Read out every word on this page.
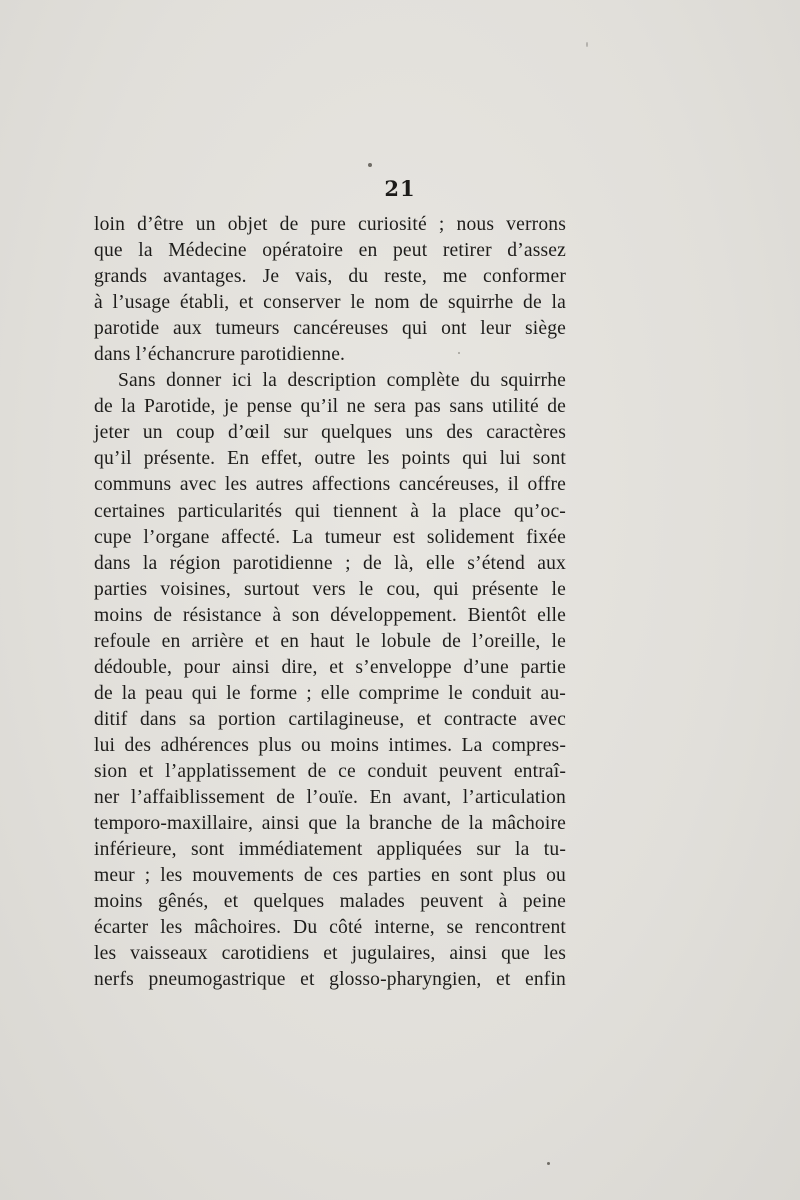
21
loin d’être un objet de pure curiosité ; nous verrons
que la Médecine opératoire en peut retirer d’assez
grands avantages. Je vais, du reste, me conformer
à l’usage établi, et conserver le nom de squirrhe de la
parotide aux tumeurs cancéreuses qui ont leur siège
dans l’échancrure parotidienne.
Sans donner ici la description complète du squirrhe
de la Parotide, je pense qu’il ne sera pas sans utilité de
jeter un coup d’œil sur quelques uns des caractères
qu’il présente. En effet, outre les points qui lui sont
communs avec les autres affections cancéreuses, il offre
certaines particularités qui tiennent à la place qu’oc-
cupe l’organe affecté. La tumeur est solidement fixée
dans la région parotidienne ; de là, elle s’étend aux
parties voisines, surtout vers le cou, qui présente le
moins de résistance à son développement. Bientôt elle
refoule en arrière et en haut le lobule de l’oreille, le
dédouble, pour ainsi dire, et s’enveloppe d’une partie
de la peau qui le forme ; elle comprime le conduit au-
ditif dans sa portion cartilagineuse, et contracte avec
lui des adhérences plus ou moins intimes. La compres-
sion et l’applatissement de ce conduit peuvent entraî-
ner l’affaiblissement de l’ouïe. En avant, l’articulation
temporo-maxillaire, ainsi que la branche de la mâchoire
inférieure, sont immédiatement appliquées sur la tu-
meur ; les mouvements de ces parties en sont plus ou
moins gênés, et quelques malades peuvent à peine
écarter les mâchoires. Du côté interne, se rencontrent
les vaisseaux carotidiens et jugulaires, ainsi que les
nerfs pneumogastrique et glosso-pharyngien, et enfin
